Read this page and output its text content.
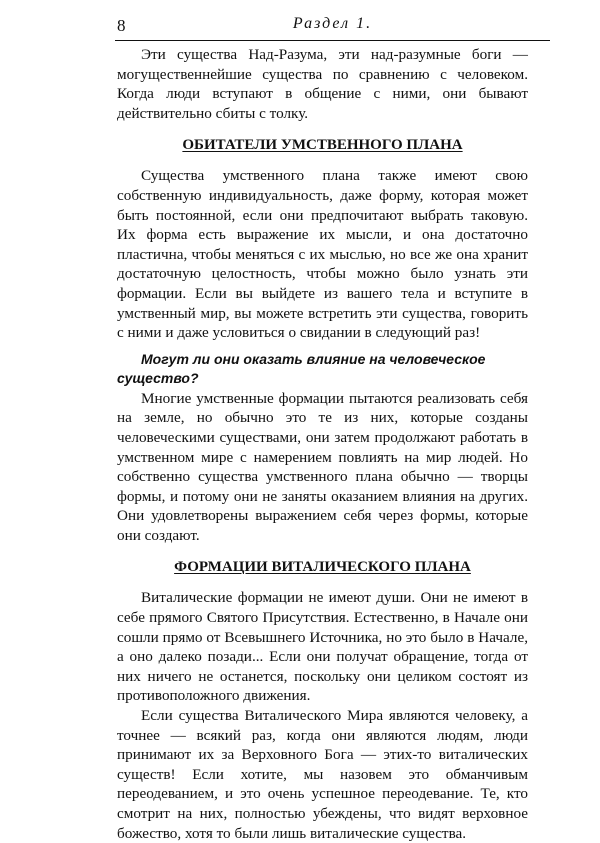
8	Раздел 1.

Эти существа Над-Разума, эти над-разумные боги — могущественнейшие существа по сравнению с человеком. Когда люди вступают в общение с ними, они бывают действительно сбиты с толку.

ОБИТАТЕЛИ УМСТВЕННОГО ПЛАНА

Существа умственного плана также имеют свою собственную индивидуальность, даже форму, которая может быть постоянной, если они предпочитают выбрать таковую. Их форма есть выражение их мысли, и она достаточно пластична, чтобы меняться с их мыслью, но все же она хранит достаточную целостность, чтобы можно было узнать эти формации. Если вы выйдете из вашего тела и вступите в умственный мир, вы можете встретить эти существа, говорить с ними и даже условиться о свидании в следующий раз!

Могут ли они оказать влияние на человеческое существо?

Многие умственные формации пытаются реализовать себя на земле, но обычно это те из них, которые созданы человеческими существами, они затем продолжают работать в умственном мире с намерением повлиять на мир людей. Но собственно существа умственного плана обычно — творцы формы, и потому они не заняты оказанием влияния на других. Они удовлетворены выражением себя через формы, которые они создают.

ФОРМАЦИИ ВИТАЛИЧЕСКОГО ПЛАНА

Виталические формации не имеют души. Они не имеют в себе прямого Святого Присутствия. Естественно, в Начале они сошли прямо от Всевышнего Источника, но это было в Начале, а оно далеко позади... Если они получат обращение, тогда от них ничего не останется, поскольку они целиком состоят из противоположного движения.

Если существа Виталического Мира являются человеку, а точнее — всякий раз, когда они являются людям, люди принимают их за Верховного Бога — этих-то виталических существ! Если хотите, мы назовем это обманчивым переодеванием, и это очень успешное переодевание. Те, кто смотрит на них, полностью убеждены, что видят верховное божество, хотя то были лишь виталические существа.
